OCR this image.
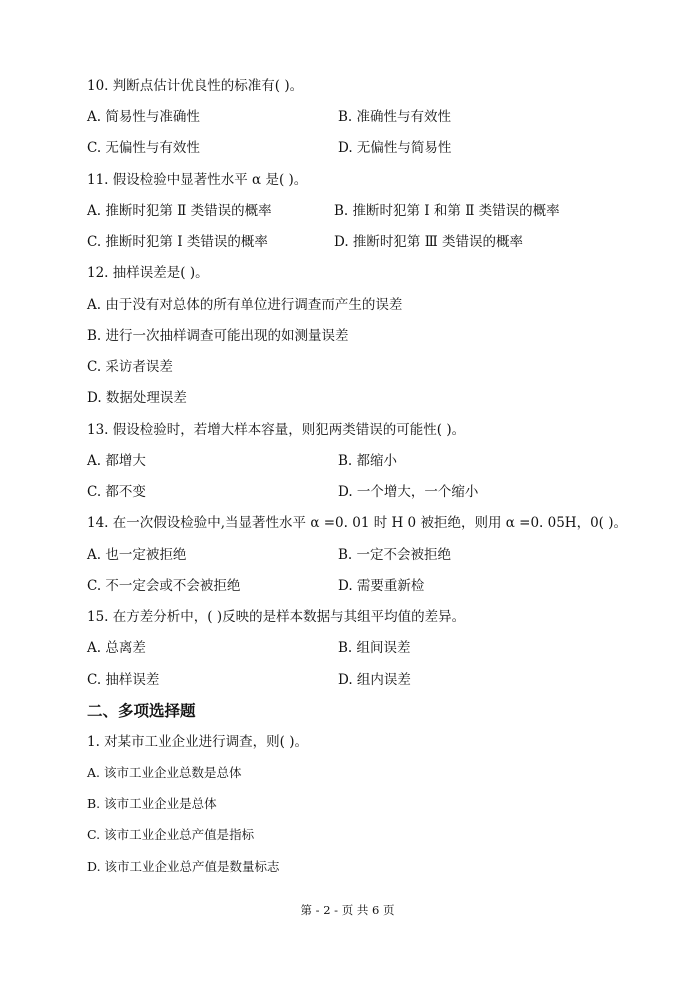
10. 判断点估计优良性的标准有( )。
A. 简易性与准确性	B. 准确性与有效性
C. 无偏性与有效性	D. 无偏性与简易性
11. 假设检验中显著性水平 α 是( )。
A. 推断时犯第 Ⅱ 类错误的概率	B. 推断时犯第 Ⅰ 和第 Ⅱ 类错误的概率
C. 推断时犯第 Ⅰ 类错误的概率	D. 推断时犯第 Ⅲ 类错误的概率
12. 抽样误差是( )。
A. 由于没有对总体的所有单位进行调查而产生的误差
B. 进行一次抽样调查可能出现的如测量误差
C. 采访者误差
D. 数据处理误差
13. 假设检验时，若增大样本容量，则犯两类错误的可能性( )。
A. 都增大	B. 都缩小
C. 都不变	D. 一个增大，一个缩小
14. 在一次假设检验中,当显著性水平 α =0. 01 时 H 0 被拒绝，则用 α =0. 05H，0( )。
A. 也一定被拒绝	B. 一定不会被拒绝
C. 不一定会或不会被拒绝	D. 需要重新检
15. 在方差分析中，( )反映的是样本数据与其组平均值的差异。
A. 总离差	B. 组间误差
C. 抽样误差	D. 组内误差
二、多项选择题
1. 对某市工业企业进行调查，则( )。
A. 该市工业企业总数是总体
B. 该市工业企业是总体
C. 该市工业企业总产值是指标
D. 该市工业企业总产值是数量标志
第 - 2 - 页 共 6 页
